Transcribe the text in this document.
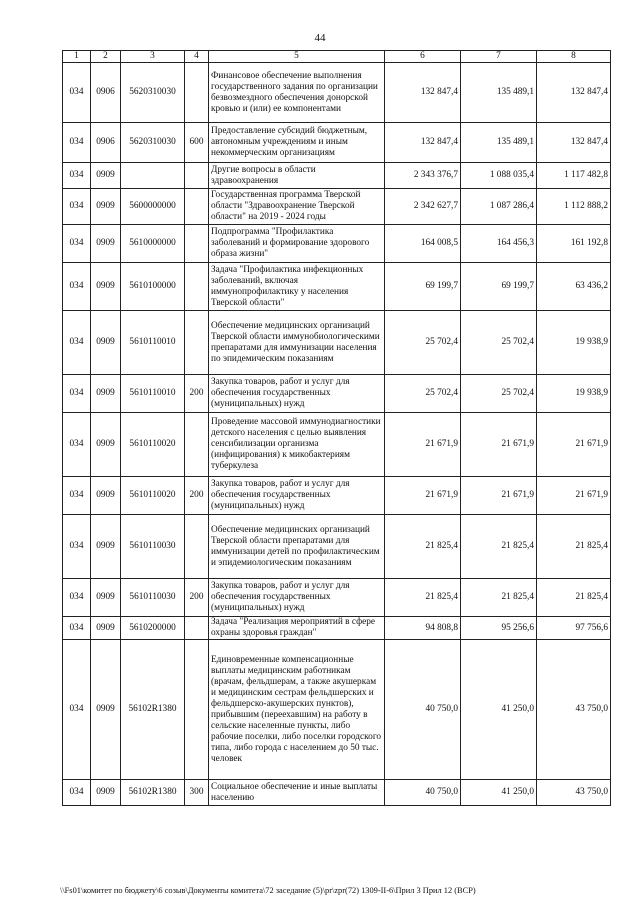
44
1	2	3	4	5	6	7	8
034	0906	5620310030		Финансовое обеспечение выполнения государственного задания по организации безвозмездного обеспечения донорской кровью и (или) ее компонентами	132 847,4	135 489,1	132 847,4
034	0906	5620310030	600	Предоставление субсидий бюджетным, автономным учреждениям и иным некоммерческим организациям	132 847,4	135 489,1	132 847,4
034	0909			Другие вопросы в области здравоохранения	2 343 376,7	1 088 035,4	1 117 482,8
034	0909	5600000000		Государственная программа Тверской области "Здравоохранение Тверской области" на 2019 - 2024 годы	2 342 627,7	1 087 286,4	1 112 888,2
034	0909	5610000000		Подпрограмма "Профилактика заболеваний и формирование здорового образа жизни"	164 008,5	164 456,3	161 192,8
034	0909	5610100000		Задача "Профилактика инфекционных заболеваний, включая иммунопрофилактику у населения Тверской области"	69 199,7	69 199,7	63 436,2
034	0909	5610110010		Обеспечение медицинских организаций Тверской области иммунобиологическими препаратами для иммунизации населения по эпидемическим показаниям	25 702,4	25 702,4	19 938,9
034	0909	5610110010	200	Закупка товаров, работ и услуг для обеспечения государственных (муниципальных) нужд	25 702,4	25 702,4	19 938,9
034	0909	5610110020		Проведение массовой иммунодиагностики детского населения с целью выявления сенсибилизации организма (инфицирования) к микобактериям туберкулеза	21 671,9	21 671,9	21 671,9
034	0909	5610110020	200	Закупка товаров, работ и услуг для обеспечения государственных (муниципальных) нужд	21 671,9	21 671,9	21 671,9
034	0909	5610110030		Обеспечение медицинских организаций Тверской области препаратами для иммунизации детей по профилактическим и эпидемиологическим показаниям	21 825,4	21 825,4	21 825,4
034	0909	5610110030	200	Закупка товаров, работ и услуг для обеспечения государственных (муниципальных) нужд	21 825,4	21 825,4	21 825,4
034	0909	5610200000		Задача "Реализация мероприятий в сфере охраны здоровья граждан"	94 808,8	95 256,6	97 756,6
034	0909	56102R1380		Единовременные компенсационные выплаты медицинским работникам (врачам, фельдшерам, а также акушеркам и медицинским сестрам фельдшерских и фельдшерско-акушерских пунктов), прибывшим (переехавшим) на работу в сельские населенные пункты, либо рабочие поселки, либо поселки городского типа, либо города с населением до 50 тыс. человек	40 750,0	41 250,0	43 750,0
034	0909	56102R1380	300	Социальное обеспечение и иные выплаты населению	40 750,0	41 250,0	43 750,0
\\Fs01\комитет по бюджету\6 созыв\Документы комитета\72 заседание (5)\pr\zpr(72) 1309-II-6\Прил 3 Прил 12 (ВСР)
